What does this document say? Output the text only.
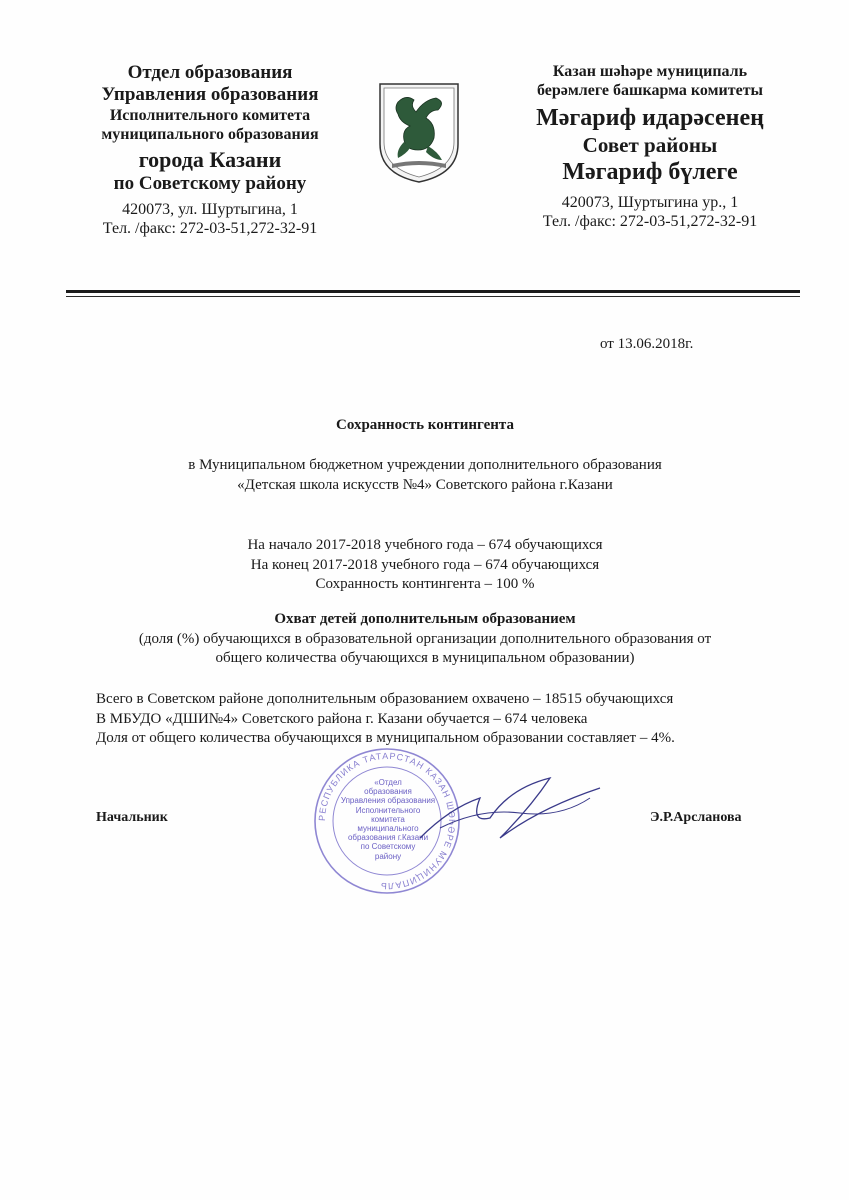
Отдел образования
Управления образования
Исполнительного комитета
муниципального образования
города Казани
по Советскому району
420073, ул. Шуртыгина, 1
Тел. /факс: 272-03-51,272-32-91
Казан шәһәре муниципаль
берәмлеге башкарма комитеты
Мәгариф идарәсенең
Совет районы
Мәгариф бүлеге
420073, Шуртыгина ур., 1
Тел. /факс: 272-03-51,272-32-91
от 13.06.2018г.
Сохранность контингента
в Муниципальном бюджетном учреждении дополнительного образования
«Детская школа искусств №4» Советского района г.Казани
На начало 2017-2018 учебного года – 674 обучающихся
На конец 2017-2018 учебного года – 674 обучающихся
Сохранность контингента – 100 %
Охват детей дополнительным образованием
(доля (%) обучающихся в образовательной организации дополнительного образования от
общего количества обучающихся в муниципальном образовании)
Всего в Советском районе дополнительным образованием охвачено – 18515 обучающихся
В МБУДО «ДШИ№4» Советского района г. Казани обучается – 674 человека
Доля от общего количества обучающихся в муниципальном образовании составляет – 4%.
РЕСПУБЛИКА ТАТАРСТАН КАЗАН ШӘҺӘРЕ МУНИЦИПАЛЬ
«Отдел
образования
Управления образования
Исполнительного
комитета
муниципального
образования г.Казани
по Советскому
району
Начальник	Э.Р.Арсланова
